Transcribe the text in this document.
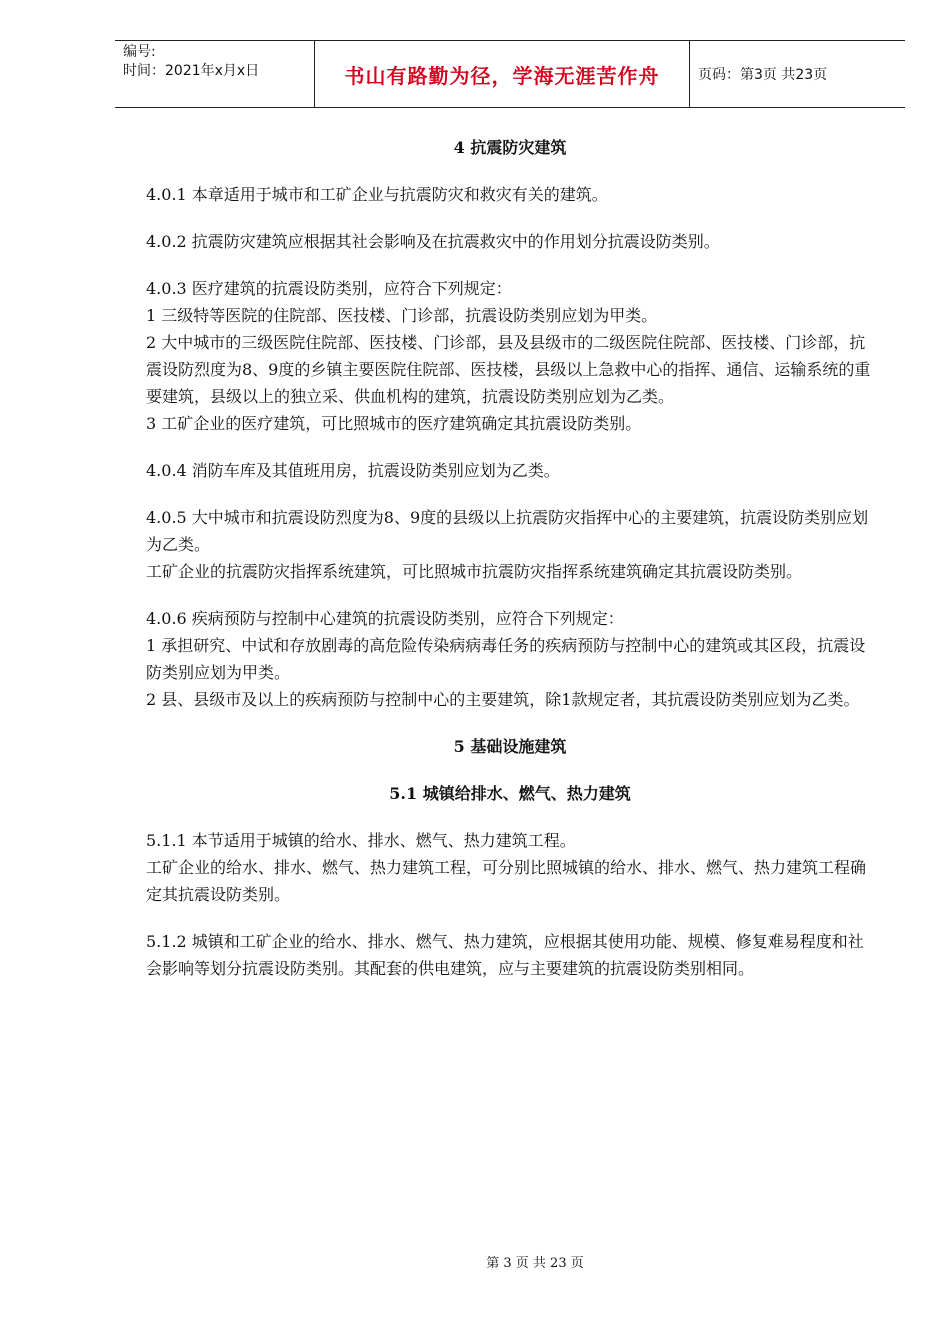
编号:
时间：2021年x月x日	书山有路勤为径，学海无涯苦作舟	页码：第3页 共23页
4 抗震防灾建筑

4.0.1 本章适用于城市和工矿企业与抗震防灾和救灾有关的建筑。

4.0.2 抗震防灾建筑应根据其社会影响及在抗震救灾中的作用划分抗震设防类别。

4.0.3 医疗建筑的抗震设防类别，应符合下列规定：
1 三级特等医院的住院部、医技楼、门诊部，抗震设防类别应划为甲类。
2 大中城市的三级医院住院部、医技楼、门诊部，县及县级市的二级医院住院部、医技楼、门诊部，抗震设防烈度为8、9度的乡镇主要医院住院部、医技楼，县级以上急救中心的指挥、通信、运输系统的重要建筑，县级以上的独立采、供血机构的建筑，抗震设防类别应划为乙类。
3 工矿企业的医疗建筑，可比照城市的医疗建筑确定其抗震设防类别。

4.0.4 消防车库及其值班用房，抗震设防类别应划为乙类。

4.0.5 大中城市和抗震设防烈度为8、9度的县级以上抗震防灾指挥中心的主要建筑，抗震设防类别应划为乙类。
工矿企业的抗震防灾指挥系统建筑，可比照城市抗震防灾指挥系统建筑确定其抗震设防类别。

4.0.6 疾病预防与控制中心建筑的抗震设防类别，应符合下列规定：
1 承担研究、中试和存放剧毒的高危险传染病病毒任务的疾病预防与控制中心的建筑或其区段，抗震设防类别应划为甲类。
2 县、县级市及以上的疾病预防与控制中心的主要建筑，除1款规定者，其抗震设防类别应划为乙类。

5 基础设施建筑
5.1 城镇给排水、燃气、热力建筑

5.1.1 本节适用于城镇的给水、排水、燃气、热力建筑工程。
工矿企业的给水、排水、燃气、热力建筑工程，可分别比照城镇的给水、排水、燃气、热力建筑工程确定其抗震设防类别。

5.1.2 城镇和工矿企业的给水、排水、燃气、热力建筑，应根据其使用功能、规模、修复难易程度和社会影响等划分抗震设防类别。其配套的供电建筑，应与主要建筑的抗震设防类别相同。

第 3 页 共 23 页
